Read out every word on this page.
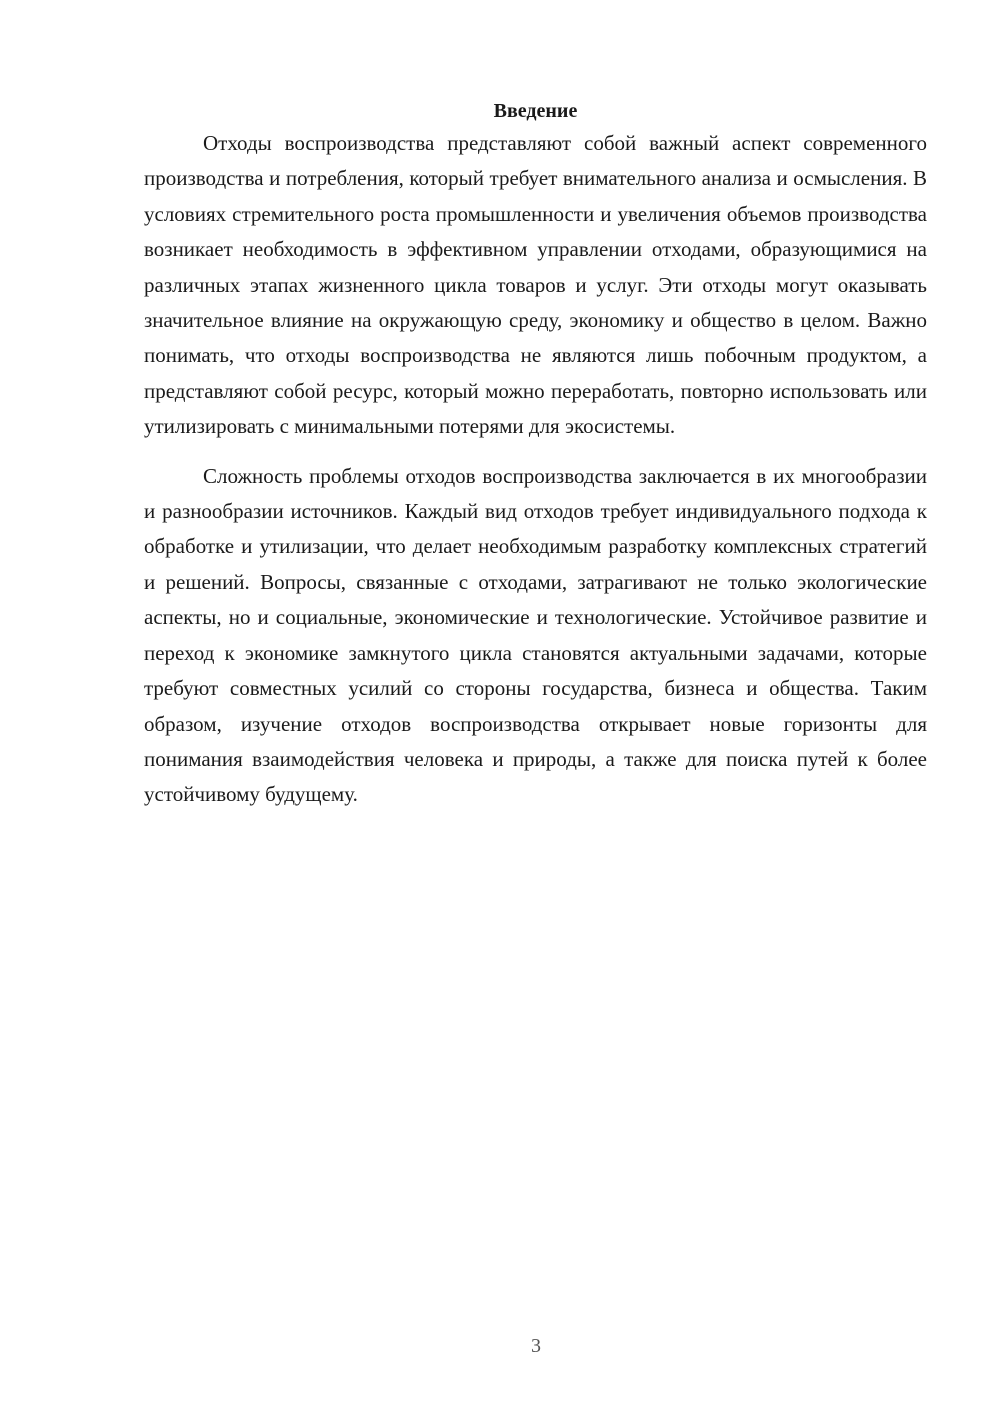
Введение

Отходы воспроизводства представляют собой важный аспект современного производства и потребления, который требует внимательного анализа и осмысления. В условиях стремительного роста промышленности и увеличения объемов производства возникает необходимость в эффективном управлении отходами, образующимися на различных этапах жизненного цикла товаров и услуг. Эти отходы могут оказывать значительное влияние на окружающую среду, экономику и общество в целом. Важно понимать, что отходы воспроизводства не являются лишь побочным продуктом, а представляют собой ресурс, который можно переработать, повторно использовать или утилизировать с минимальными потерями для экосистемы.

Сложность проблемы отходов воспроизводства заключается в их многообразии и разнообразии источников. Каждый вид отходов требует индивидуального подхода к обработке и утилизации, что делает необходимым разработку комплексных стратегий и решений. Вопросы, связанные с отходами, затрагивают не только экологические аспекты, но и социальные, экономические и технологические. Устойчивое развитие и переход к экономике замкнутого цикла становятся актуальными задачами, которые требуют совместных усилий со стороны государства, бизнеса и общества. Таким образом, изучение отходов воспроизводства открывает новые горизонты для понимания взаимодействия человека и природы, а также для поиска путей к более устойчивому будущему.

3
